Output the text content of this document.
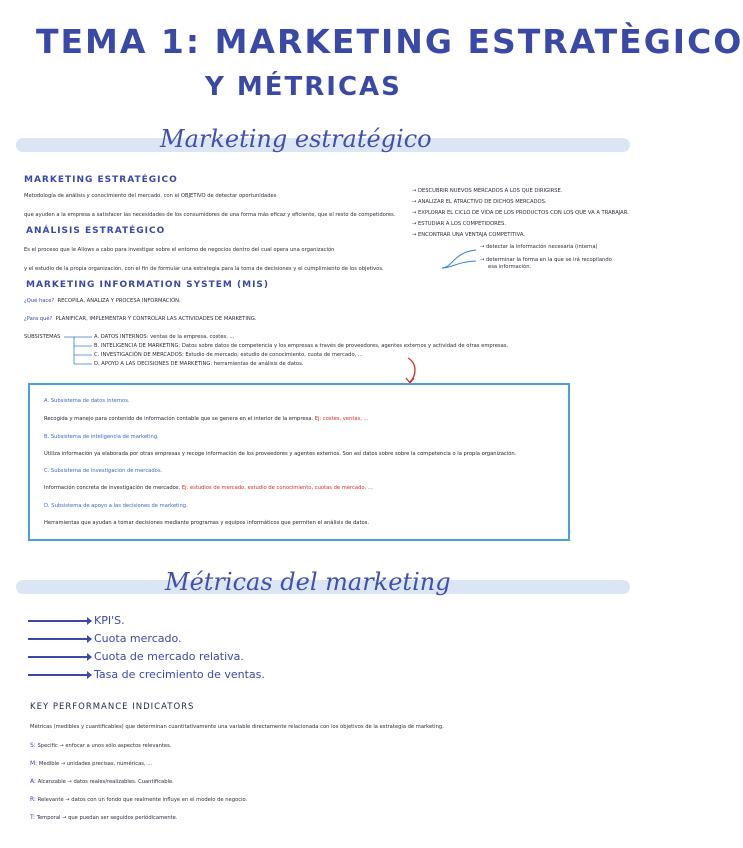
TEMA 1: MARKETING ESTRATÈGICO
Y MÉTRICAS
Marketing estratégico
MARKETING ESTRATÉGICO
Metodología de análisis y conocimiento del mercado, con el OBJETIVO de detectar oportunidades
que ayuden a la empresa a satisfacer las necesidades de los consumidores de una forma más eficaz y eficiente, que el resto de competidores.
→ DESCUBRIR NUEVOS MERCADOS A LOS QUE DIRIGIRSE.
→ ANALIZAR EL ATRACTIVO DE DICHOS MERCADOS.
→ EXPLORAR EL CICLO DE VIDA DE LOS PRODUCTOS CON LOS QUE VA A TRABAJAR.
→ ESTUDIAR A LOS COMPETIDORES.
→ ENCONTRAR UNA VENTAJA COMPETITIVA.
ANÁLISIS ESTRATÉGICO
Es el proceso que le Allows a cabo para investigar sobre el entorno de negocios dentro del cual opera una organización
y el estudio de la propia organización, con el fin de formular una estrategia para la toma de decisiones y el cumplimiento de los objetivos.
→ detectar la información necesaria (interna)
→ determinar la forma en la que se irá recopilando
esa información.
MARKETING INFORMATION SYSTEM (MIS)
¿Qué hace? RECOPILA, ANALIZA Y PROCESA INFORMACIÓN.
¿Para qué? PLANIFICAR, IMPLEMENTAR Y CONTROLAR LAS ACTIVIDADES DE MARKETING.
SUBSISTEMAS	A. DATOS INTERNOS: ventas de la empresa, costes, ...
B. INTELIGENCIA DE MARKETING: Datos sobre datos de competencia y los empresas a través de proveedores, agentes externos y actividad de otras empresas.
C. INVESTIGACIÓN DE MERCADOS: Estudio de mercado, estudio de conocimiento, cuota de mercado, ...
D. APOYO A LAS DECISIONES DE MARKETING: herramientas de análisis de datos.
A. Subsistema de datos internos.
Recogida y manejo para contenido de información contable que se genera en el interior de la empresa. Ej: costes, ventas, ...
B. Subsistema de inteligencia de marketing.
Utiliza información ya elaborada por otras empresas y recoge información de los proveedores y agentes externos. Son así datos sobre sobre la competencia o la propia organización.
C. Subsistema de investigación de mercados.
Información concreta de investigación de mercados. Ej: estudios de mercado, estudio de conocimiento, cuotas de mercado, ...
D. Subsistema de apoyo a las decisiones de marketing.
Herramientas que ayudan a tomar decisiones mediante programas y equipos informáticos que permiten el análisis de datos.
Métricas del marketing
KPI'S.
Cuota mercado.
Cuota de mercado relativa.
Tasa de crecimiento de ventas.
KEY PERFORMANCE INDICATORS
Métricas (medibles y cuantificables) que determinan cuantitativamente una variable directamente relacionada con los objetivos de la estrategia de marketing.
S: Specific → enfocar a unos sólo aspectos relevantes.
M: Medible → unidades precisas, numéricas, ...
A: Alcanzable → datos reales/realizables. Cuantificable.
R: Relevante → datos con un fondo que realmente influye en el modelo de negocio.
T: Temporal → que puedan ser seguidos periódicamente.
